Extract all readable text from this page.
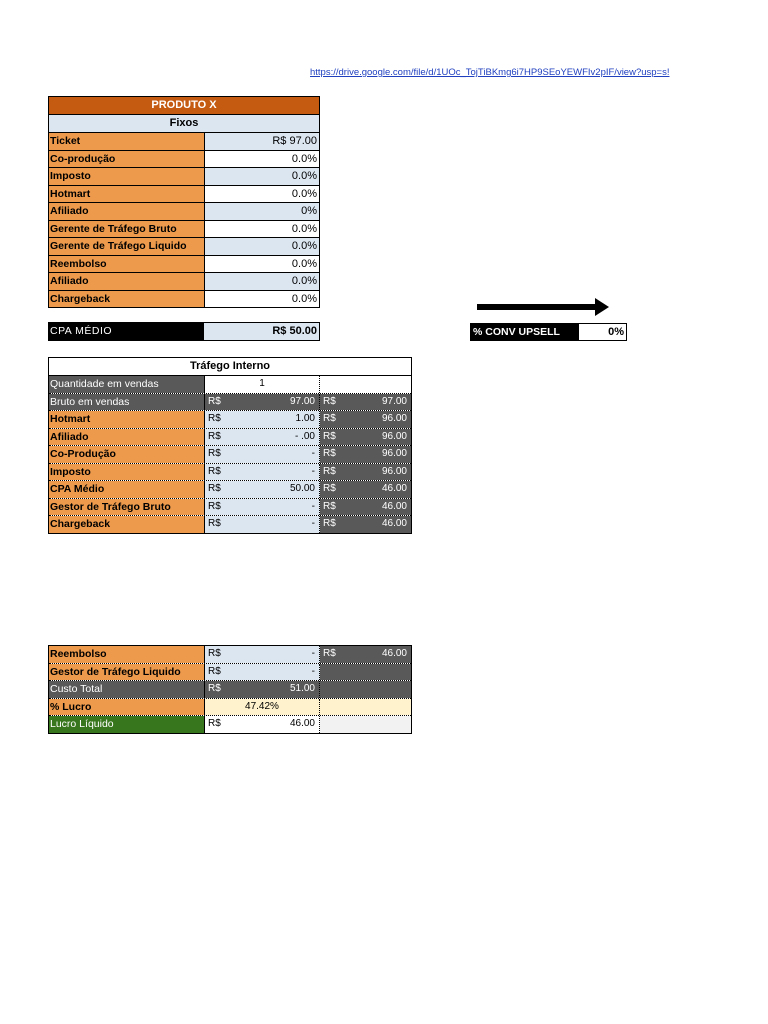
https://drive.google.com/file/d/1UOc_TojTiBKmg6i7HP9SEoYEWFIv2pIF/view?usp=s!
PRODUTO X
Fixos
Ticket	R$ 97.00
Co-produção	0.0%
Imposto	0.0%
Hotmart	0.0%
Afiliado	0%
Gerente de Tráfego Bruto	0.0%
Gerente de Tráfego Liquido	0.0%
Reembolso	0.0%
Afiliado	0.0%
Chargeback	0.0%
CPA MÉDIO	R$ 50.00	% CONV UPSELL	0%
Tráfego Interno
Quantidade em vendas	1
Bruto em vendas	R$	97.00 R$	97.00
Hotmart	R$	1.00 R$	96.00
Afiliado	R$	- .00 R$	96.00
Co-Produção	R$	- R$	96.00
Imposto	R$	- R$	96.00
CPA Médio	R$	50.00 R$	46.00
Gestor de Tráfego Bruto	R$	- R$	46.00
Chargeback	R$	- R$	46.00
Reembolso	R$	- R$	46.00
Gestor de Tráfego Liquido	R$	-
Custo Total	R$	51.00
% Lucro	47.42%
Lucro Líquido	R$	46.00
